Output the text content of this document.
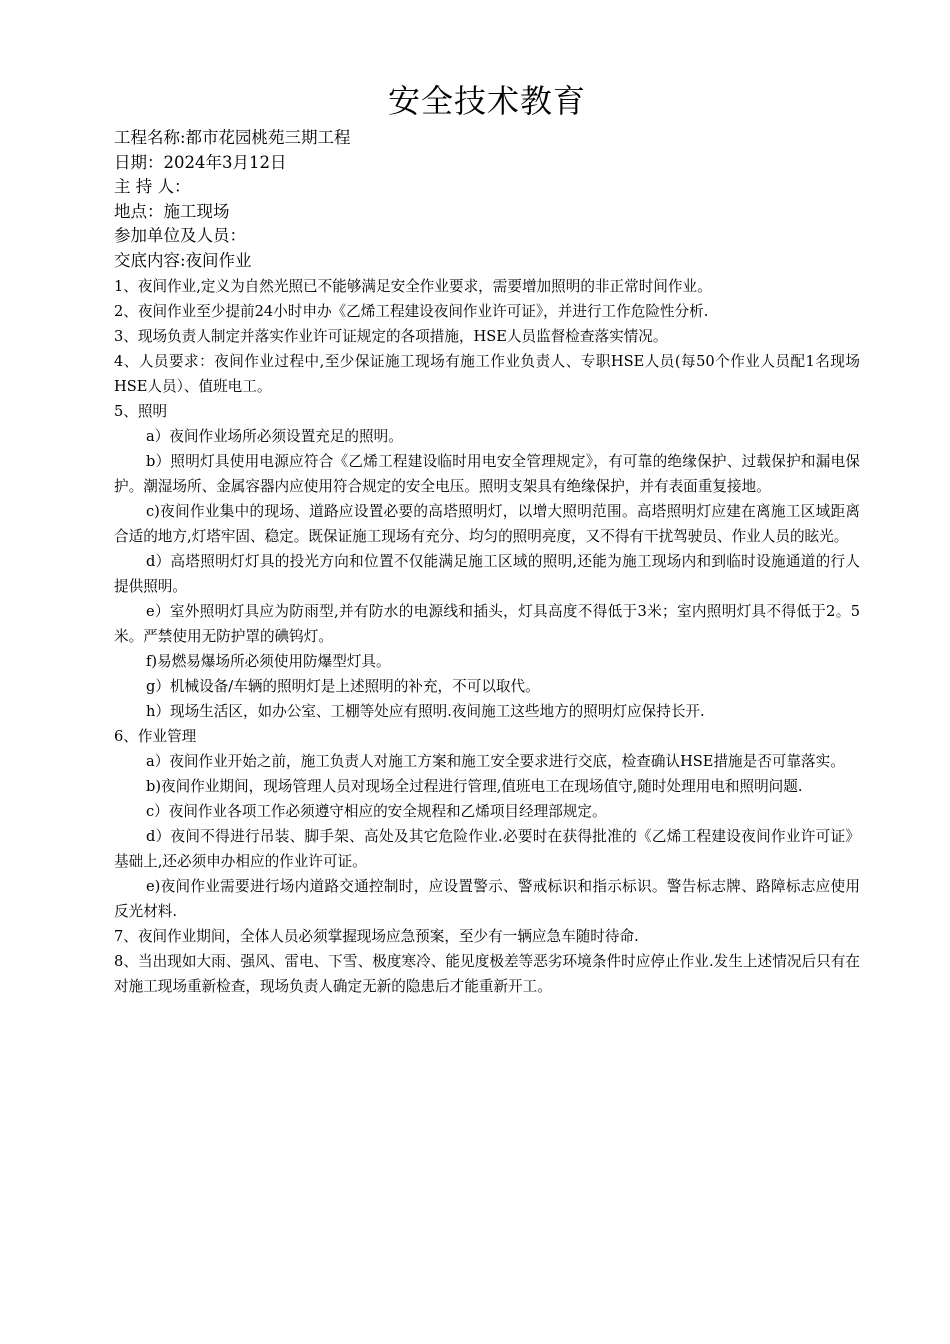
安全技术教育
工程名称:都市花园桃苑三期工程
日期：2024年3月12日
主 持 人：
地点：施工现场
参加单位及人员：
交底内容:夜间作业

1、夜间作业,定义为自然光照已不能够满足安全作业要求，需要增加照明的非正常时间作业。

2、夜间作业至少提前24小时申办《乙烯工程建设夜间作业许可证》，并进行工作危险性分析.

3、现场负责人制定并落实作业许可证规定的各项措施，HSE人员监督检查落实情况。

4、人员要求：夜间作业过程中,至少保证施工现场有施工作业负责人、专职HSE人员(每50个作业人员配1名现场HSE人员）、值班电工。

5、照明

a）夜间作业场所必须设置充足的照明。

b）照明灯具使用电源应符合《乙烯工程建设临时用电安全管理规定》，有可靠的绝缘保护、过载保护和漏电保护。潮湿场所、金属容器内应使用符合规定的安全电压。照明支架具有绝缘保护，并有表面重复接地。

c)夜间作业集中的现场、道路应设置必要的高塔照明灯，以增大照明范围。高塔照明灯应建在离施工区域距离合适的地方,灯塔牢固、稳定。既保证施工现场有充分、均匀的照明亮度，又不得有干扰驾驶员、作业人员的眩光。

d）高塔照明灯灯具的投光方向和位置不仅能满足施工区域的照明,还能为施工现场内和到临时设施通道的行人提供照明。

e）室外照明灯具应为防雨型,并有防水的电源线和插头，灯具高度不得低于3米；室内照明灯具不得低于2。5米。严禁使用无防护罩的碘钨灯。

f)易燃易爆场所必须使用防爆型灯具。

g）机械设备/车辆的照明灯是上述照明的补充，不可以取代。

h）现场生活区，如办公室、工棚等处应有照明.夜间施工这些地方的照明灯应保持长开.

6、作业管理

a）夜间作业开始之前，施工负责人对施工方案和施工安全要求进行交底，检查确认HSE措施是否可靠落实。

b)夜间作业期间，现场管理人员对现场全过程进行管理,值班电工在现场值守,随时处理用电和照明问题.

c）夜间作业各项工作必须遵守相应的安全规程和乙烯项目经理部规定。

d）夜间不得进行吊装、脚手架、高处及其它危险作业.必要时在获得批准的《乙烯工程建设夜间作业许可证》基础上,还必须申办相应的作业许可证。

e)夜间作业需要进行场内道路交通控制时，应设置警示、警戒标识和指示标识。警告标志牌、路障标志应使用反光材料.

7、夜间作业期间，全体人员必须掌握现场应急预案，至少有一辆应急车随时待命.

8、当出现如大雨、强风、雷电、下雪、极度寒冷、能见度极差等恶劣环境条件时应停止作业.发生上述情况后只有在对施工现场重新检查，现场负责人确定无新的隐患后才能重新开工。
